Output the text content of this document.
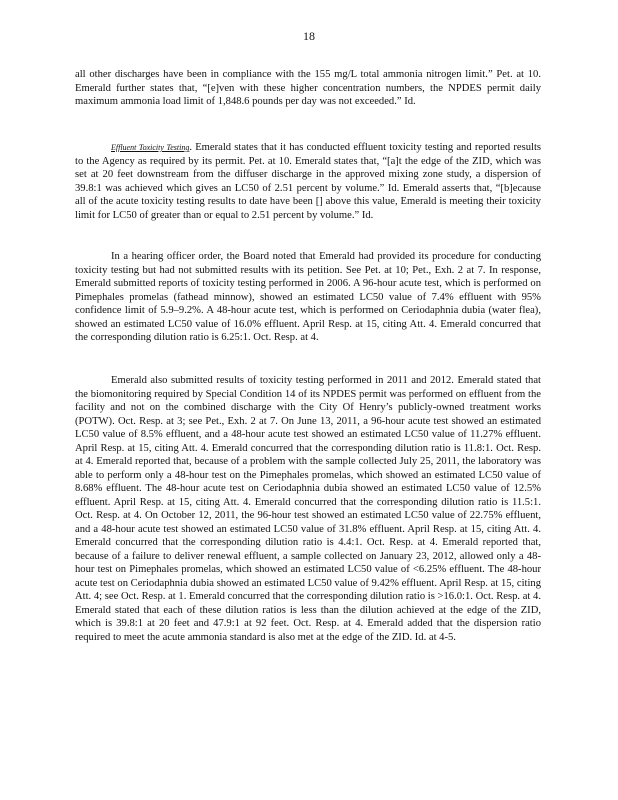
18

all other discharges have been in compliance with the 155 mg/L total ammonia nitrogen limit.” Pet. at 10. Emerald further states that, “[e]ven with these higher concentration numbers, the NPDES permit daily maximum ammonia load limit of 1,848.6 pounds per day was not exceeded.” Id.

Effluent Toxicity Testing. Emerald states that it has conducted effluent toxicity testing and reported results to the Agency as required by its permit. Pet. at 10. Emerald states that, “[a]t the edge of the ZID, which was set at 20 feet downstream from the diffuser discharge in the approved mixing zone study, a dispersion of 39.8:1 was achieved which gives an LC50 of 2.51 percent by volume.” Id. Emerald asserts that, “[b]ecause all of the acute toxicity testing results to date have been [] above this value, Emerald is meeting their toxicity limit for LC50 of greater than or equal to 2.51 percent by volume.” Id.

In a hearing officer order, the Board noted that Emerald had provided its procedure for conducting toxicity testing but had not submitted results with its petition. See Pet. at 10; Pet., Exh. 2 at 7. In response, Emerald submitted reports of toxicity testing performed in 2006. A 96-hour acute test, which is performed on Pimephales promelas (fathead minnow), showed an estimated LC50 value of 7.4% effluent with 95% confidence limit of 5.9–9.2%. A 48-hour acute test, which is performed on Ceriodaphnia dubia (water flea), showed an estimated LC50 value of 16.0% effluent. April Resp. at 15, citing Att. 4. Emerald concurred that the corresponding dilution ratio is 6.25:1. Oct. Resp. at 4.

Emerald also submitted results of toxicity testing performed in 2011 and 2012. Emerald stated that the biomonitoring required by Special Condition 14 of its NPDES permit was performed on effluent from the facility and not on the combined discharge with the City Of Henry’s publicly-owned treatment works (POTW). Oct. Resp. at 3; see Pet., Exh. 2 at 7. On June 13, 2011, a 96-hour acute test showed an estimated LC50 value of 8.5% effluent, and a 48-hour acute test showed an estimated LC50 value of 11.27% effluent. April Resp. at 15, citing Att. 4. Emerald concurred that the corresponding dilution ratio is 11.8:1. Oct. Resp. at 4. Emerald reported that, because of a problem with the sample collected July 25, 2011, the laboratory was able to perform only a 48-hour test on the Pimephales promelas, which showed an estimated LC50 value of 8.68% effluent. The 48-hour acute test on Ceriodaphnia dubia showed an estimated LC50 value of 12.5% effluent. April Resp. at 15, citing Att. 4. Emerald concurred that the corresponding dilution ratio is 11.5:1. Oct. Resp. at 4. On October 12, 2011, the 96-hour test showed an estimated LC50 value of 22.75% effluent, and a 48-hour acute test showed an estimated LC50 value of 31.8% effluent. April Resp. at 15, citing Att. 4. Emerald concurred that the corresponding dilution ratio is 4.4:1. Oct. Resp. at 4. Emerald reported that, because of a failure to deliver renewal effluent, a sample collected on January 23, 2012, allowed only a 48-hour test on Pimephales promelas, which showed an estimated LC50 value of <6.25% effluent. The 48-hour acute test on Ceriodaphnia dubia showed an estimated LC50 value of 9.42% effluent. April Resp. at 15, citing Att. 4; see Oct. Resp. at 1. Emerald concurred that the corresponding dilution ratio is >16.0:1. Oct. Resp. at 4. Emerald stated that each of these dilution ratios is less than the dilution achieved at the edge of the ZID, which is 39.8:1 at 20 feet and 47.9:1 at 92 feet. Oct. Resp. at 4. Emerald added that the dispersion ratio required to meet the acute ammonia standard is also met at the edge of the ZID. Id. at 4-5.
